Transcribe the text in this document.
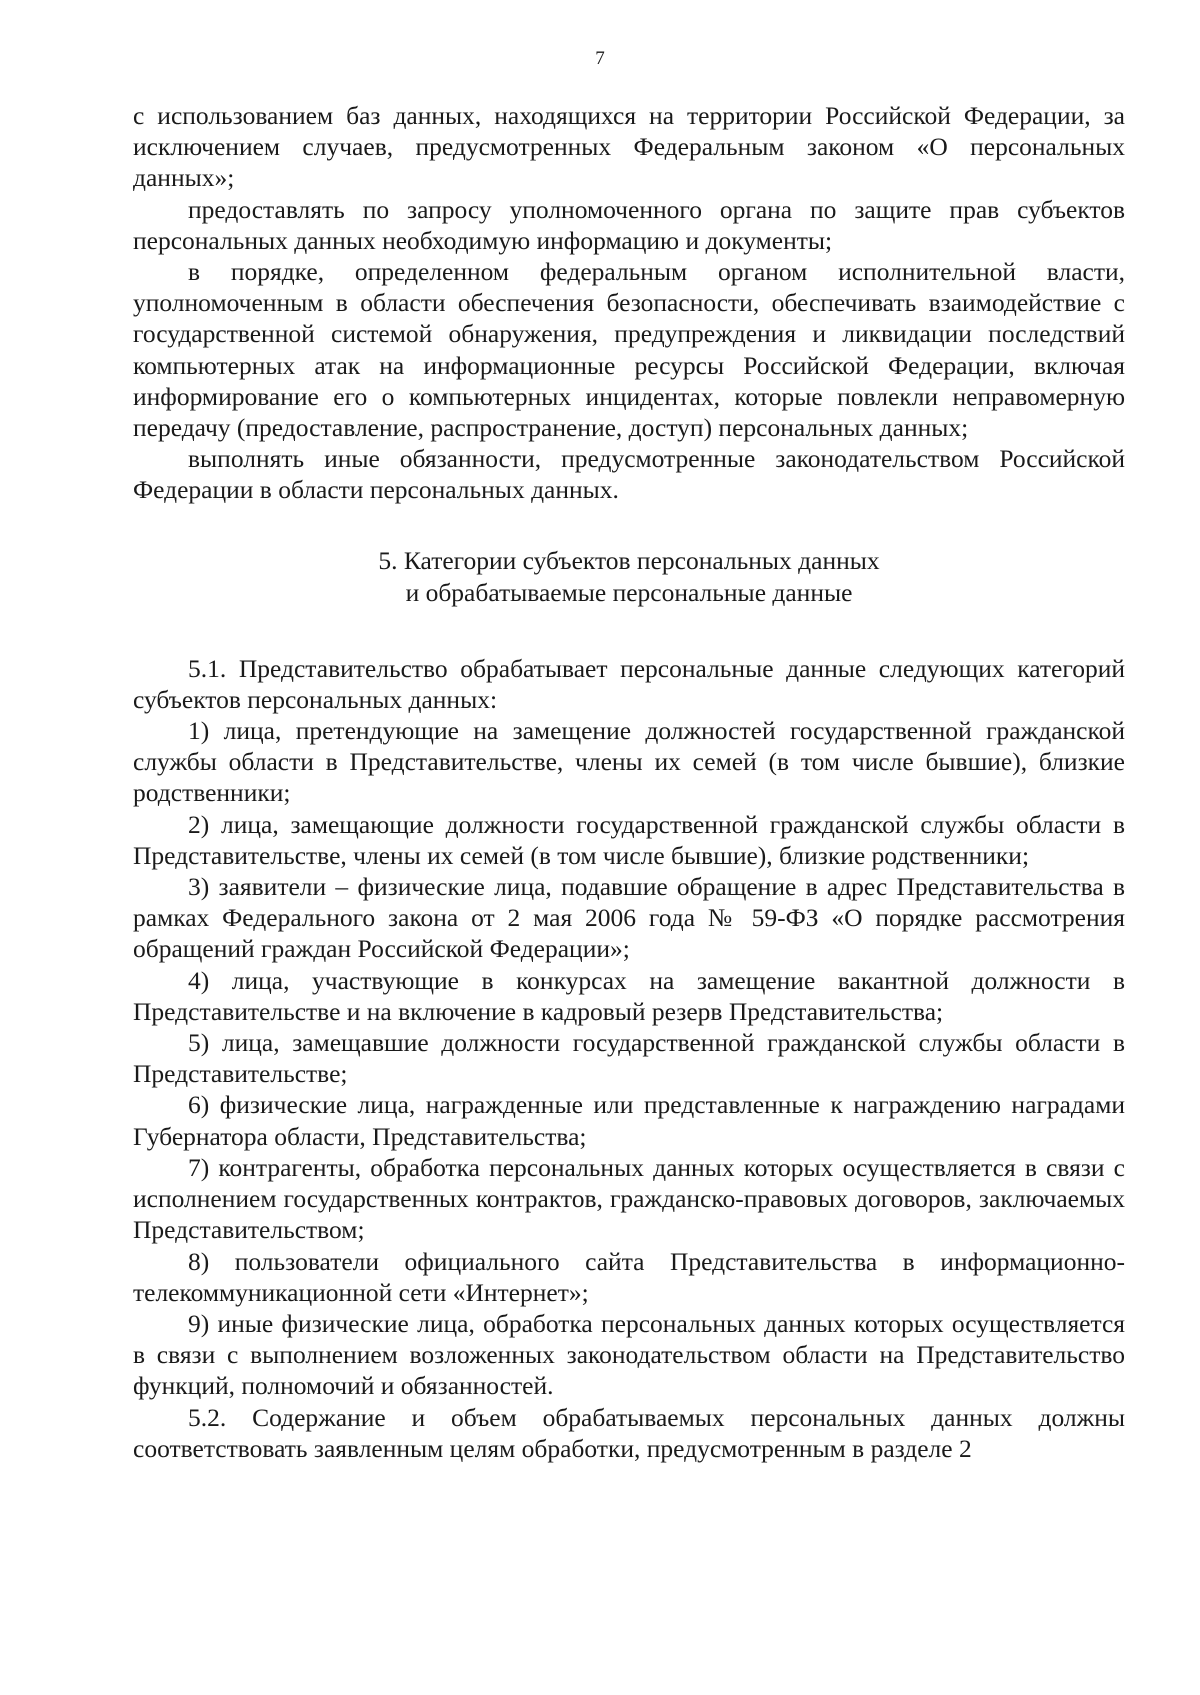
7

с использованием баз данных, находящихся на территории Российской Федерации, за исключением случаев, предусмотренных Федеральным законом «О персональных данных»;

предоставлять по запросу уполномоченного органа по защите прав субъектов персональных данных необходимую информацию и документы;

в порядке, определенном федеральным органом исполнительной власти, уполномоченным в области обеспечения безопасности, обеспечивать взаимодействие с государственной системой обнаружения, предупреждения и ликвидации последствий компьютерных атак на информационные ресурсы Российской Федерации, включая информирование его о компьютерных инцидентах, которые повлекли неправомерную передачу (предоставление, распространение, доступ) персональных данных;

выполнять иные обязанности, предусмотренные законодательством Российской Федерации в области персональных данных.

5. Категории субъектов персональных данных
и обрабатываемые персональные данные

5.1. Представительство обрабатывает персональные данные следующих категорий субъектов персональных данных:

1) лица, претендующие на замещение должностей государственной гражданской службы области в Представительстве, члены их семей (в том числе бывшие), близкие родственники;

2) лица, замещающие должности государственной гражданской службы области в Представительстве, члены их семей (в том числе бывшие), близкие родственники;

3) заявители – физические лица, подавшие обращение в адрес Представительства в рамках Федерального закона от 2 мая 2006 года № 59-ФЗ «О порядке рассмотрения обращений граждан Российской Федерации»;

4) лица, участвующие в конкурсах на замещение вакантной должности в Представительстве и на включение в кадровый резерв Представительства;

5) лица, замещавшие должности государственной гражданской службы области в Представительстве;

6) физические лица, награжденные или представленные к награждению наградами Губернатора области, Представительства;

7) контрагенты, обработка персональных данных которых осуществляется в связи с исполнением государственных контрактов, гражданско-правовых договоров, заключаемых Представительством;

8) пользователи официального сайта Представительства в информационно-телекоммуникационной сети «Интернет»;

9) иные физические лица, обработка персональных данных которых осуществляется в связи с выполнением возложенных законодательством области на Представительство функций, полномочий и обязанностей.

5.2. Содержание и объем обрабатываемых персональных данных должны соответствовать заявленным целям обработки, предусмотренным в разделе 2
